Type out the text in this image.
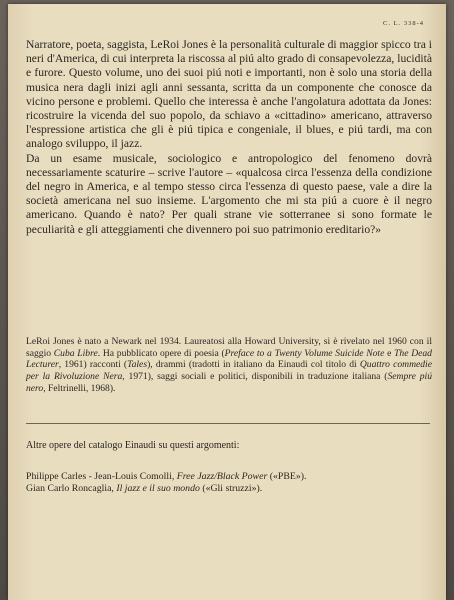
C. L. 338-4

Narratore, poeta, saggista, LeRoi Jones è la personalità culturale di maggior spicco tra i neri d'America, di cui interpreta la riscossa al piú alto grado di consapevolezza, lucidità e furore. Questo volume, uno dei suoi piú noti e importanti, non è solo una storia della musica nera dagli inizi agli anni sessanta, scritta da un componente che conosce da vicino persone e problemi. Quello che interessa è anche l'angolatura adottata da Jones: ricostruire la vicenda del suo popolo, da schiavo a «cittadino» americano, attraverso l'espressione artistica che gli è piú tipica e congeniale, il blues, e piú tardi, ma con analogo sviluppo, il jazz.

Da un esame musicale, sociologico e antropologico del fenomeno dovrà necessariamente scaturire – scrive l'autore – «qualcosa circa l'essenza della condizione del negro in America, e al tempo stesso circa l'essenza di questo paese, vale a dire la società americana nel suo insieme. L'argomento che mi sta piú a cuore è il negro americano. Quando è nato? Per quali strane vie sotterranee si sono formate le peculiarità e gli atteggiamenti che divennero poi suo patrimonio ereditario?»

LeRoi Jones è nato a Newark nel 1934. Laureatosi alla Howard University, si è rivelato nel 1960 con il saggio Cuba Libre. Ha pubblicato opere di poesia (Preface to a Twenty Volume Suicide Note e The Dead Lecturer, 1961) racconti (Tales), drammi (tradotti in italiano da Einaudi col titolo di Quattro commedie per la Rivoluzione Nera, 1971), saggi sociali e politici, disponibili in traduzione italiana (Sempre piú nero, Feltrinelli, 1968).

Altre opere del catalogo Einaudi su questi argomenti:
Philippe Carles - Jean-Louis Comolli, Free Jazz/Black Power («PBE»).
Gian Carlo Roncaglia, Il jazz e il suo mondo («Gli struzzi»).
